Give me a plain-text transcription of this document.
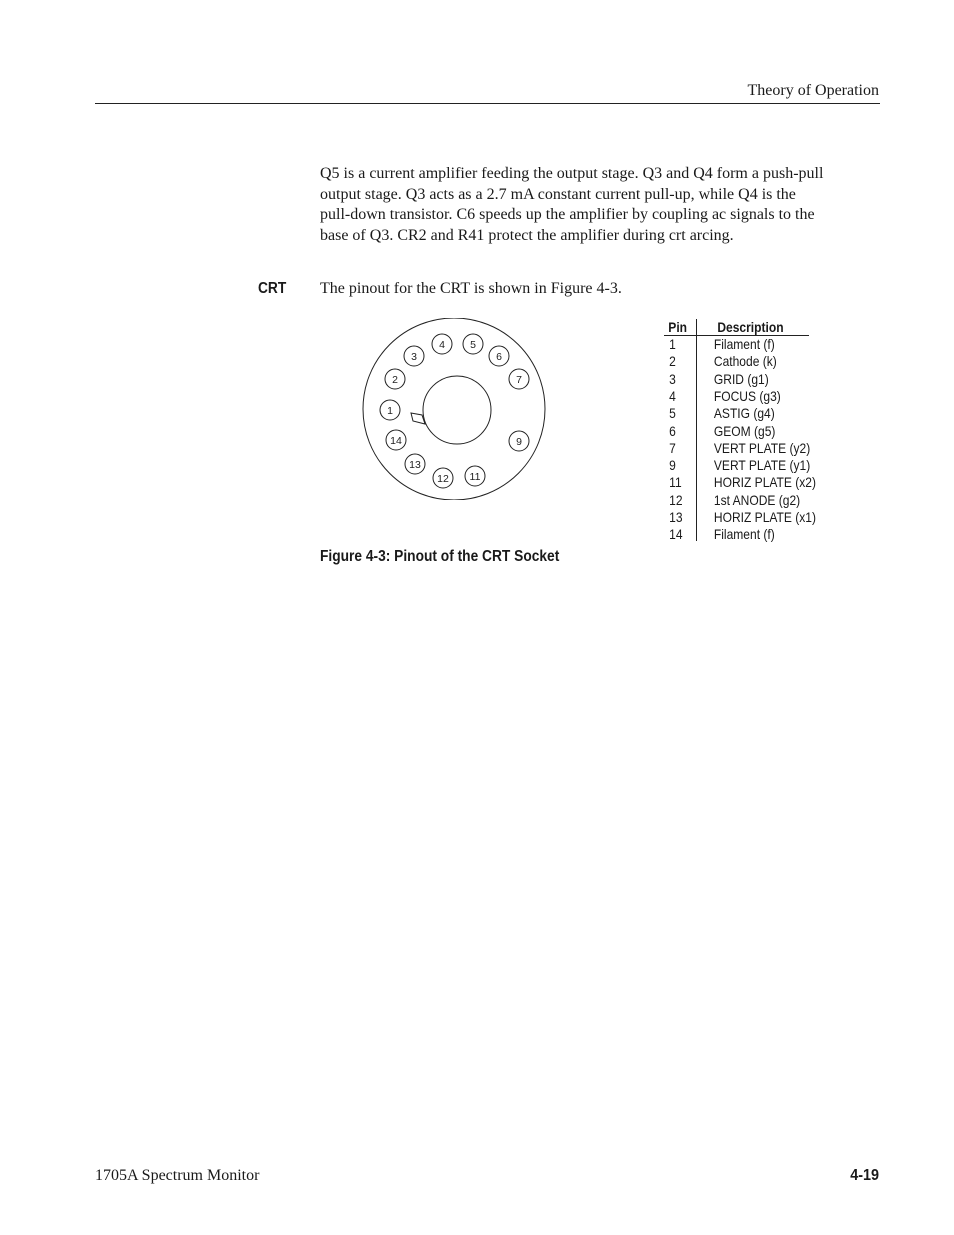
Theory of Operation
Q5 is a current amplifier feeding the output stage. Q3 and Q4 form a push-pull
output stage. Q3 acts as a 2.7 mA constant current pull-up, while Q4 is the
pull-down transistor. C6 speeds up the amplifier by coupling ac signals to the
base of Q3. CR2 and R41 protect the amplifier during crt arcing.
CRT The pinout for the CRT is shown in Figure 4-3.
1
2
3
4 5
6
7
9
11
12
13
14
Pin Description
1	Filament (f)
2	Cathode (k)
3	GRID (g1)
4	FOCUS (g3)
5	ASTIG (g4)
6	GEOM (g5)
7	VERT PLATE (y2)
9	VERT PLATE (y1)
11 HORIZ PLATE (x2)
12 1st ANODE (g2)
13 HORIZ PLATE (x1)
14 Filament (f)
Figure 4-3: Pinout of the CRT Socket
1705A Spectrum Monitor	4-19
